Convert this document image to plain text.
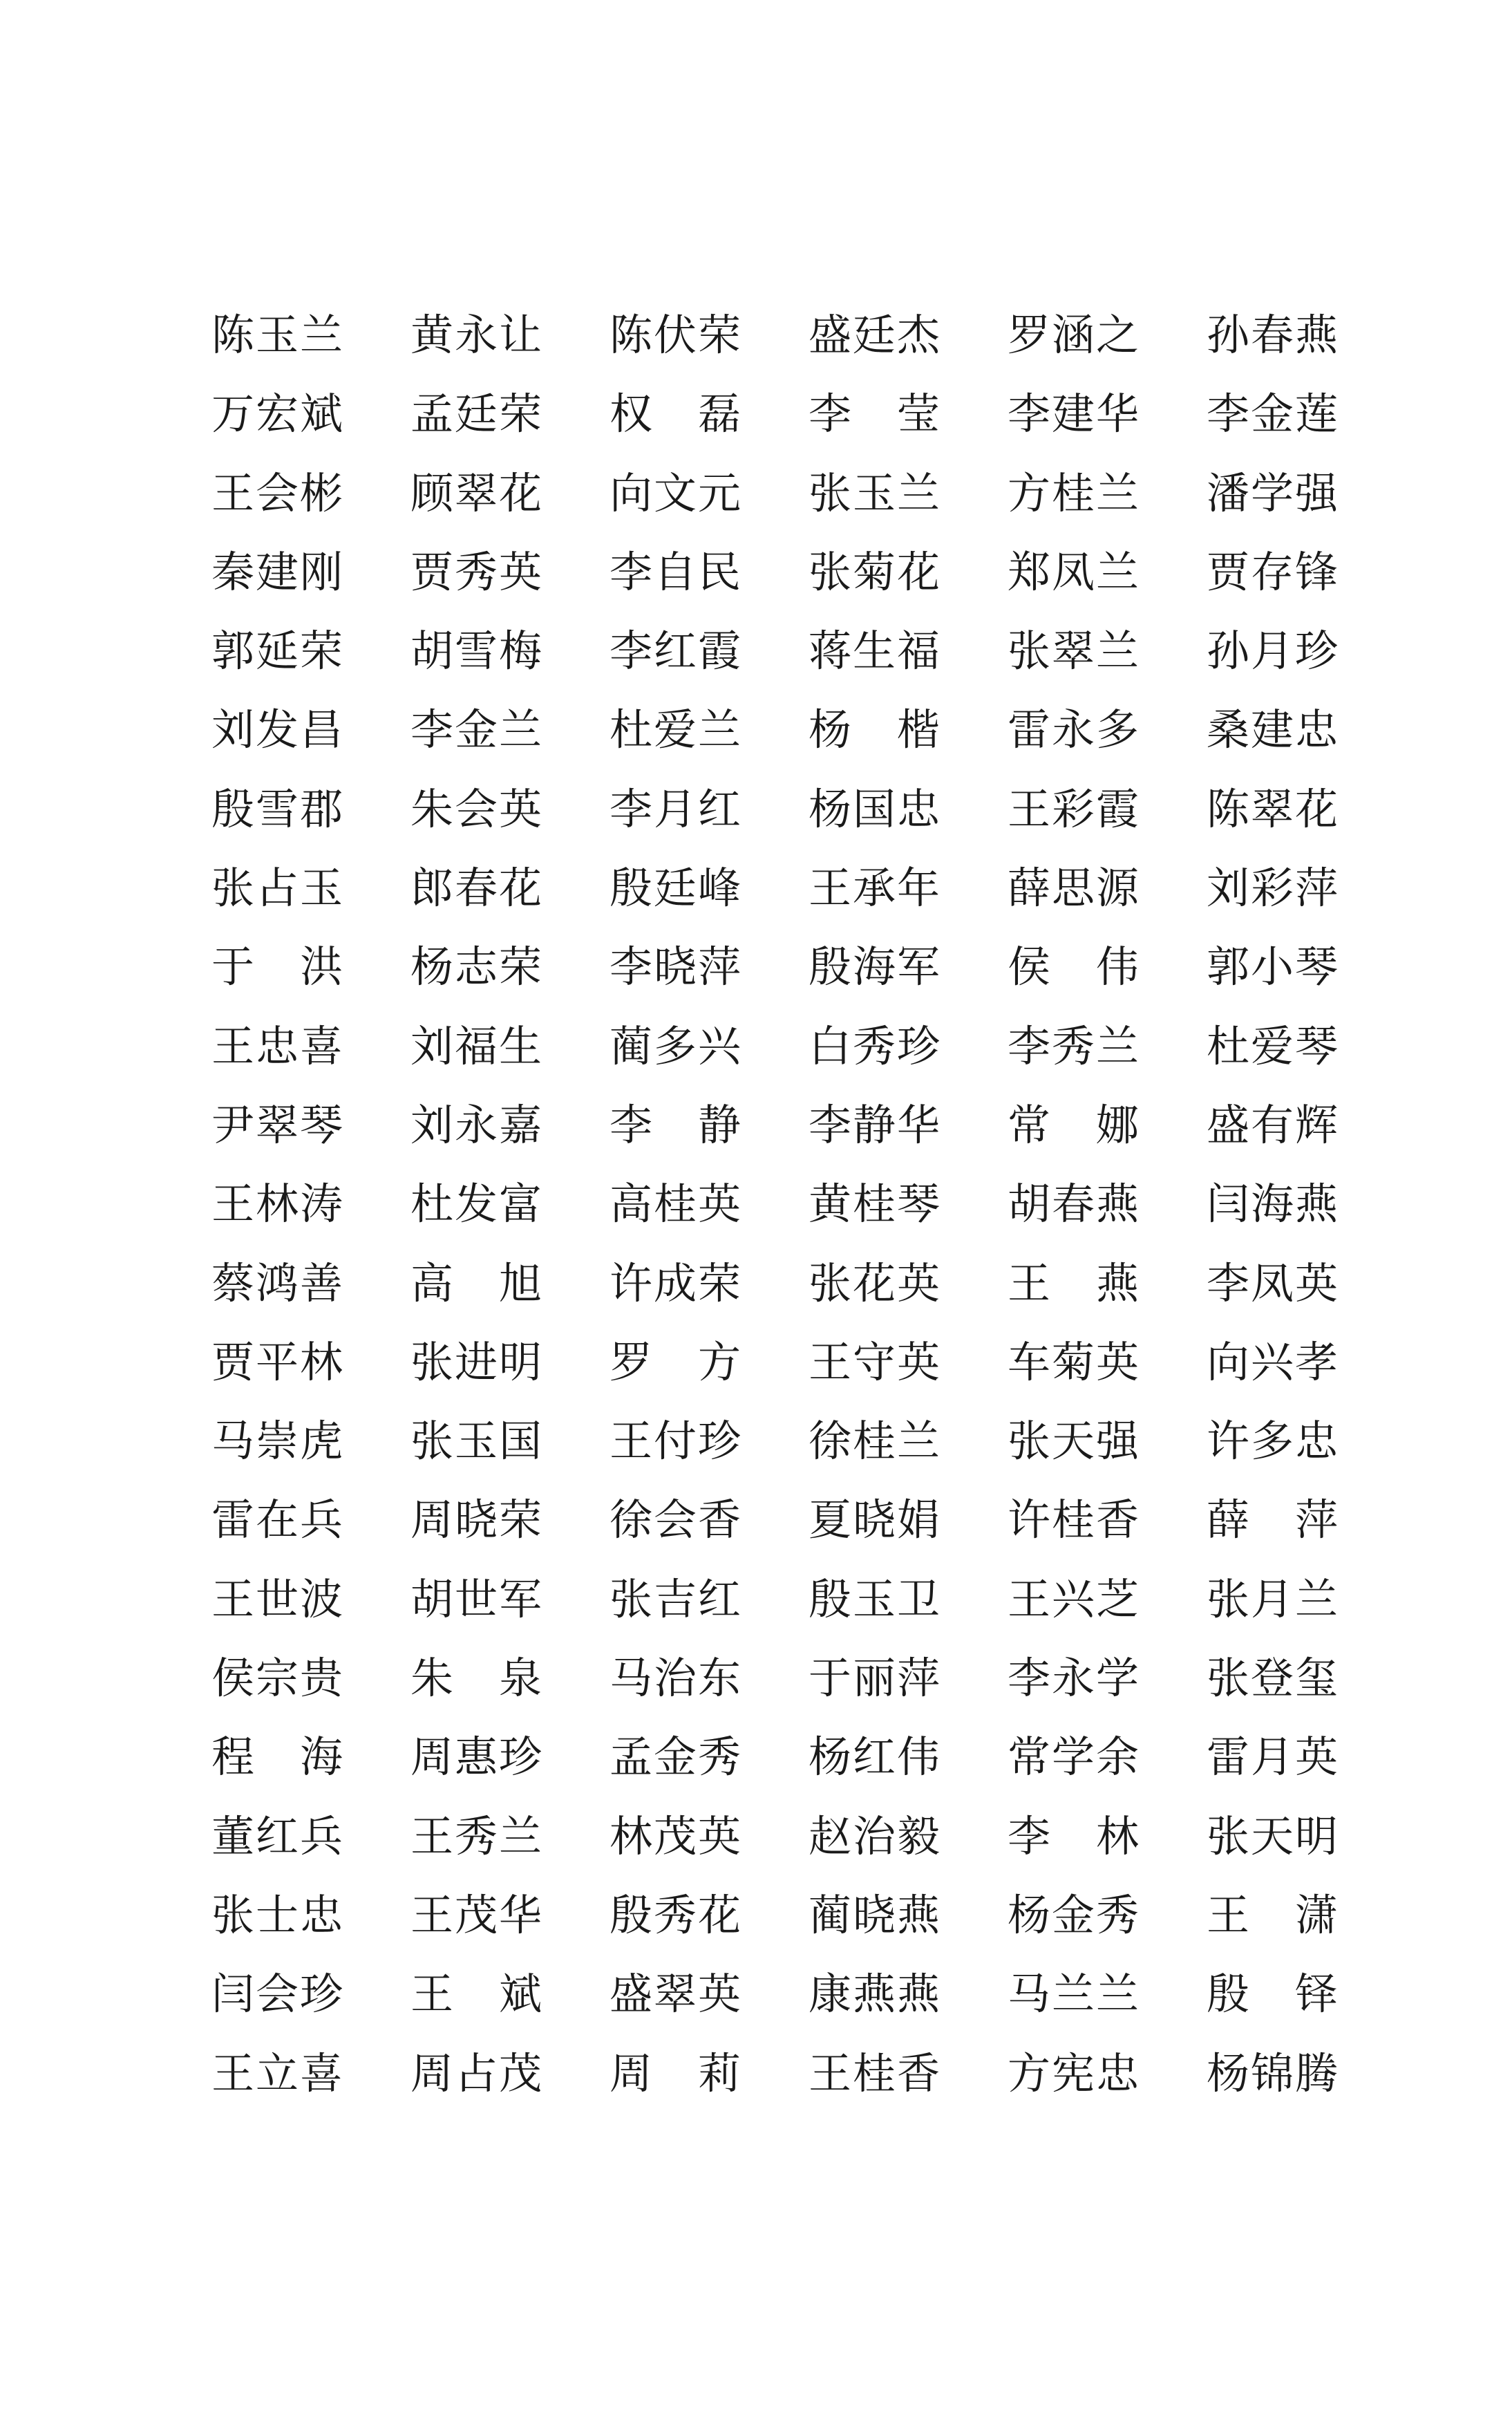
陈玉兰	黄永让	陈伏荣	盛廷杰	罗涵之	孙春燕
万宏斌	孟廷荣	权　磊	李　莹	李建华	李金莲
王会彬	顾翠花	向文元	张玉兰	方桂兰	潘学强
秦建刚	贾秀英	李自民	张菊花	郑凤兰	贾存锋
郭延荣	胡雪梅	李红霞	蒋生福	张翠兰	孙月珍
刘发昌	李金兰	杜爱兰	杨　楷	雷永多	桑建忠
殷雪郡	朱会英	李月红	杨国忠	王彩霞	陈翠花
张占玉	郎春花	殷廷峰	王承年	薛思源	刘彩萍
于　洪	杨志荣	李晓萍	殷海军	侯　伟	郭小琴
王忠喜	刘福生	蔺多兴	白秀珍	李秀兰	杜爱琴
尹翠琴	刘永嘉	李　静	李静华	常　娜	盛有辉
王林涛	杜发富	高桂英	黄桂琴	胡春燕	闫海燕
蔡鸿善	高　旭	许成荣	张花英	王　燕	李凤英
贾平林	张进明	罗　方	王守英	车菊英	向兴孝
马崇虎	张玉国	王付珍	徐桂兰	张天强	许多忠
雷在兵	周晓荣	徐会香	夏晓娟	许桂香	薛　萍
王世波	胡世军	张吉红	殷玉卫	王兴芝	张月兰
侯宗贵	朱　泉	马治东	于丽萍	李永学	张登玺
程　海	周惠珍	孟金秀	杨红伟	常学余	雷月英
董红兵	王秀兰	林茂英	赵治毅	李　林	张天明
张士忠	王茂华	殷秀花	蔺晓燕	杨金秀	王　潇
闫会珍	王　斌	盛翠英	康燕燕	马兰兰	殷　铎
王立喜	周占茂	周　莉	王桂香	方宪忠	杨锦腾
